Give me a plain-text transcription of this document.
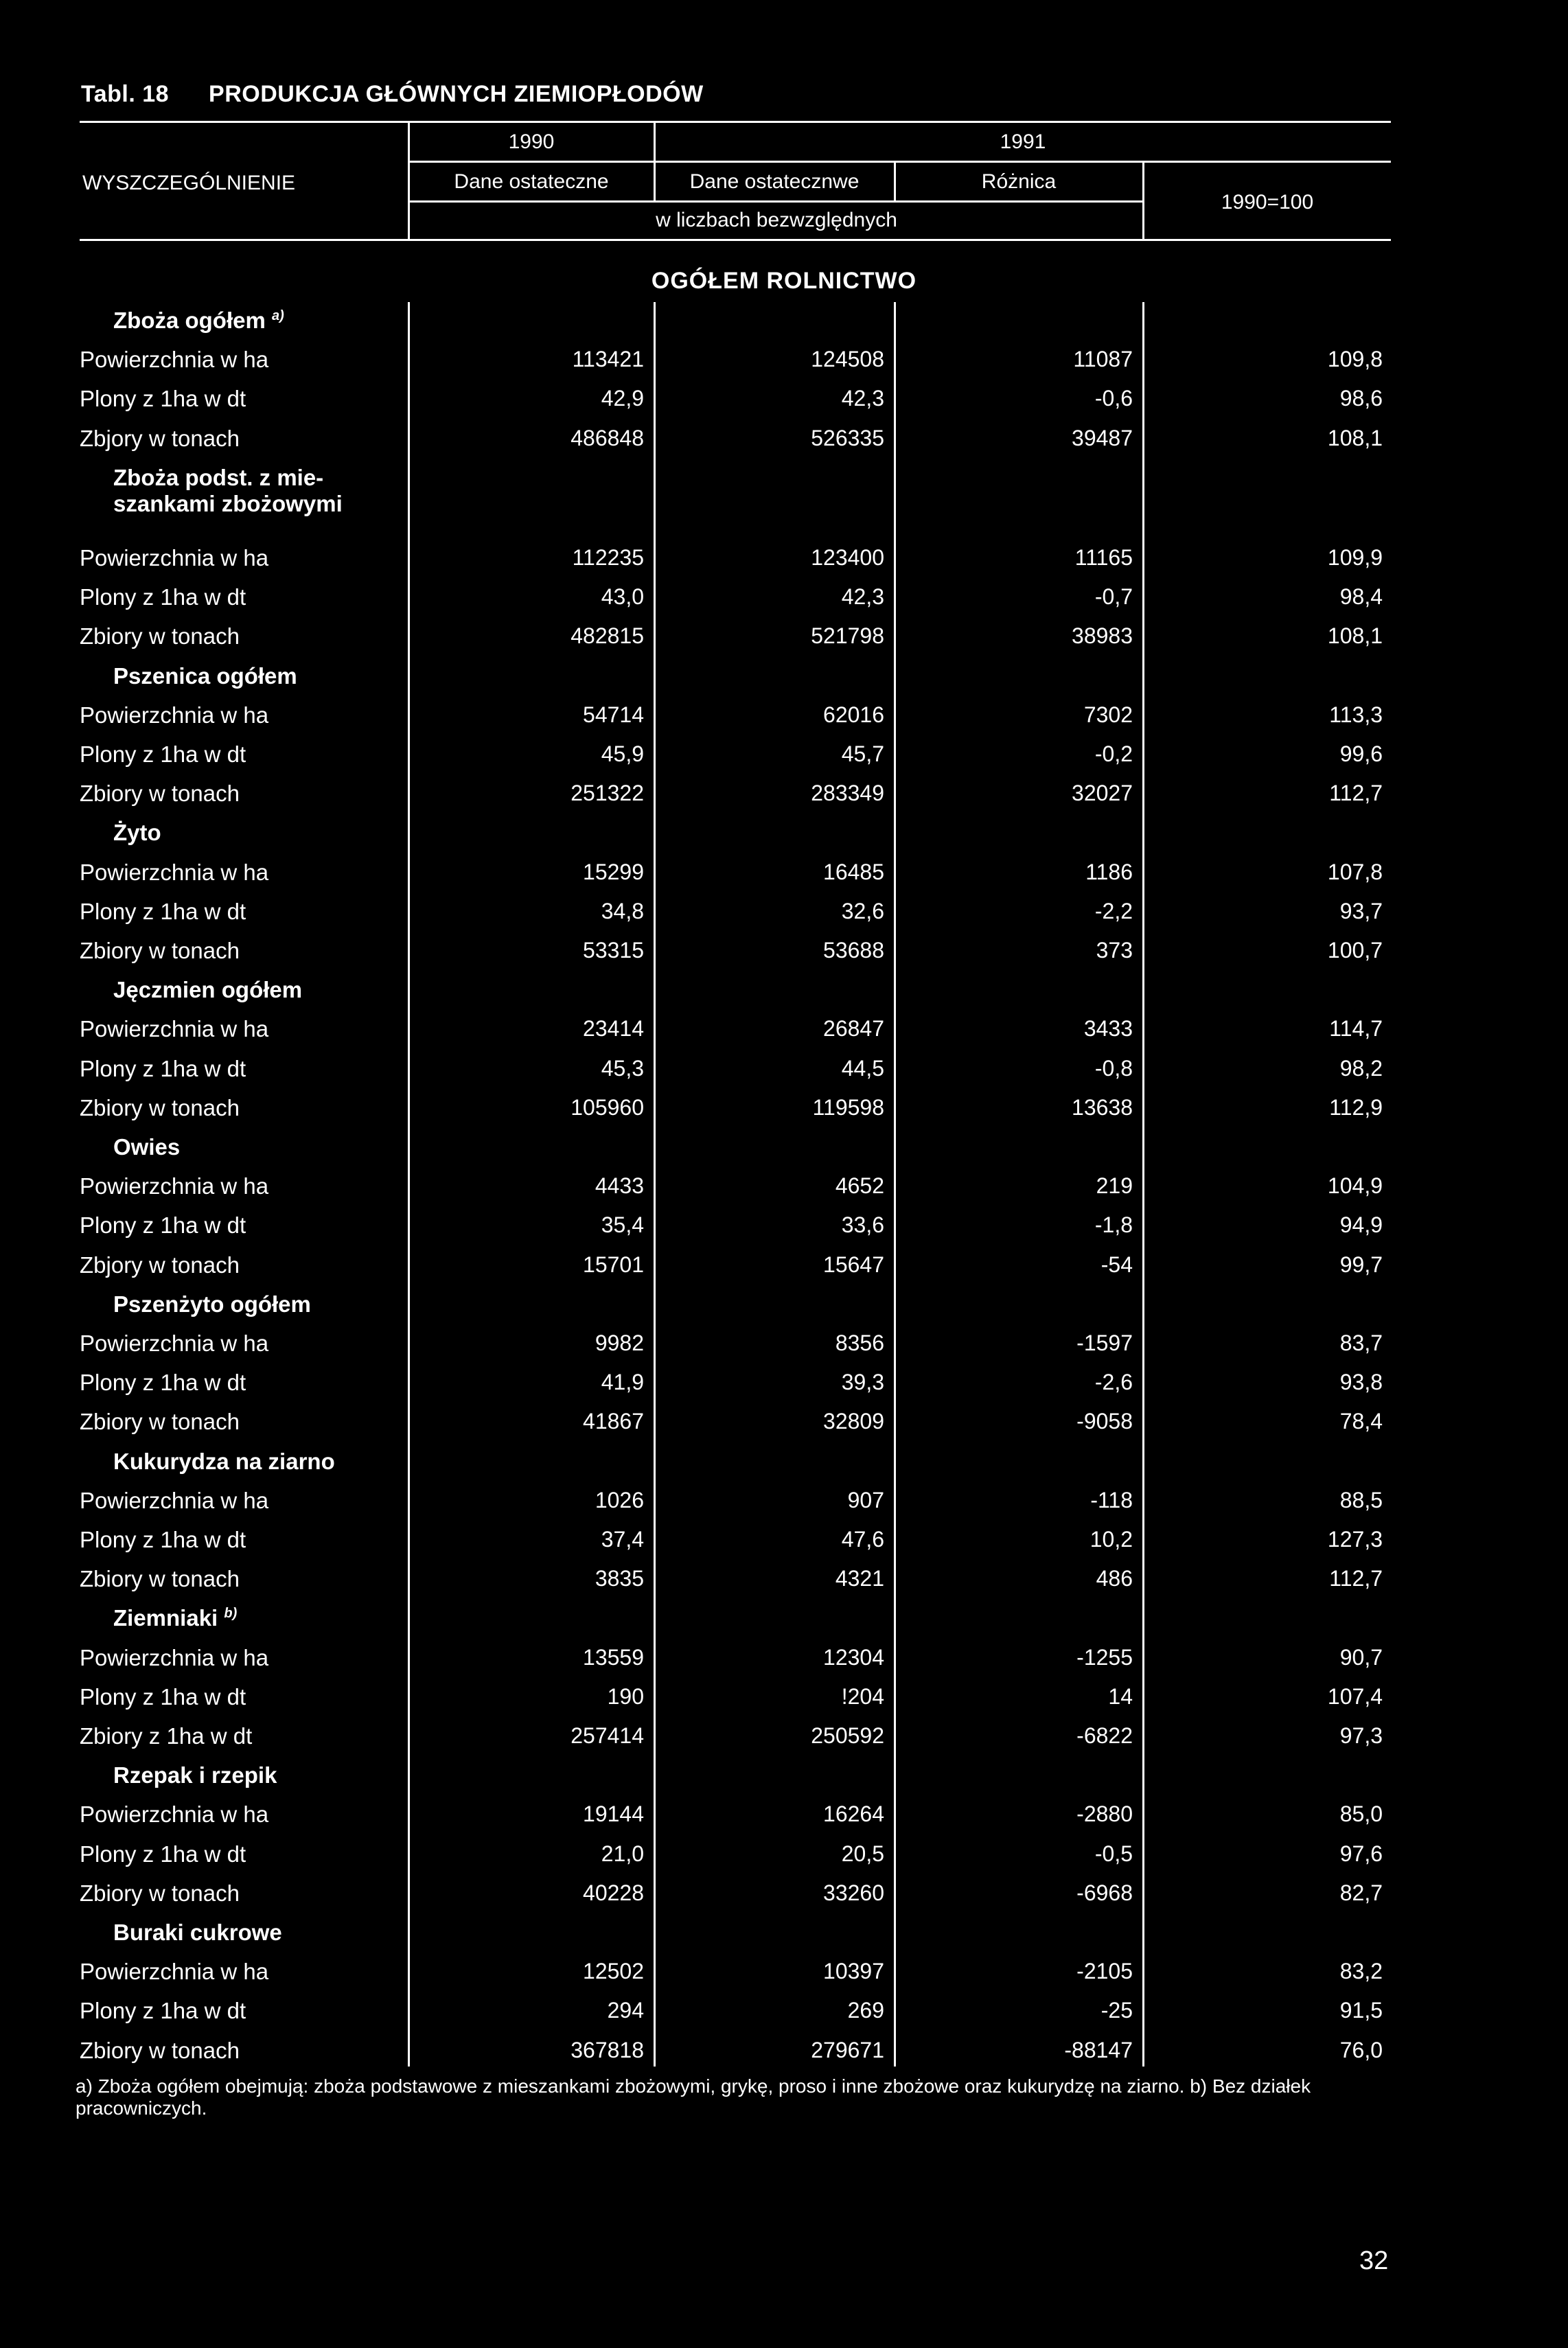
Tabl. 18 PRODUKCJA GŁÓWNYCH ZIEMIOPŁODÓW
WYSZCZEGÓLNIENIE
1990	1991
Dane ostateczne	Dane ostatecznwe	Różnica
1990=100
w liczbach bezwzględnych
OGÓŁEM ROLNICTWO
Zboża ogółem $^{a)}$
Powierzchnia w ha	113421	124508	11087	109,8
Plony z 1ha w dt	42,9	42,3	-0,6	98,6
Zbjory w tonach	486848	526335	39487	108,1
Zboża podst. z mie-
szankami zbożowymi
Powierzchnia w ha	112235	123400	11165	109,9
Plony z 1ha w dt	43,0	42,3	-0,7	98,4
Zbiory w tonach	482815	521798	38983	108,1
Pszenica ogółem
Powierzchnia w ha	54714	62016	7302	113,3
Plony z 1ha w dt	45,9	45,7	-0,2	99,6
Zbiory w tonach	251322	283349	32027	112,7
Żyto
Powierzchnia w ha	15299	16485	1186	107,8
Plony z 1ha w dt	34,8	32,6	-2,2	93,7
Zbiory w tonach	53315	53688	373	100,7
Jęczmien ogółem
Powierzchnia w ha	23414	26847	3433	114,7
Plony z 1ha w dt	45,3	44,5	-0,8	98,2
Zbiory w tonach	105960	119598	13638	112,9
Owies
Powierzchnia w ha	4433	4652	219	104,9
Plony z 1ha w dt	35,4	33,6	-1,8	94,9
Zbjory w tonach	15701	15647	-54	99,7
Pszenżyto ogółem
Powierzchnia w ha	9982	8356	-1597	83,7
Plony z 1ha w dt	41,9	39,3	-2,6	93,8
Zbiory w tonach	41867	32809	-9058	78,4
Kukurydza na ziarno
Powierzchnia w ha	1026	907	-118	88,5
Plony z 1ha w dt	37,4	47,6	10,2	127,3
Zbiory w tonach	3835	4321	486	112,7
Ziemniaki $^{b)}$
Powierzchnia w ha	13559	12304	-1255	90,7
Plony z 1ha w dt	190	!204	14	107,4
Zbiory z 1ha w dt	257414	250592	-6822	97,3
Rzepak i rzepik
Powierzchnia w ha	19144	16264	-2880	85,0
Plony z 1ha w dt	21,0	20,5	-0,5	97,6
Zbiory w tonach	40228	33260	-6968	82,7
Buraki cukrowe
Powierzchnia w ha	12502	10397	-2105	83,2
Plony z 1ha w dt	294	269	-25	91,5
Zbiory w tonach	367818	279671	-88147	76,0
a) Zboża ogółem obejmują: zboża podstawowe z mieszankami zbożowymi, grykę, proso i inne zbożowe oraz kukurydzę na ziarno. b) Bez działek pracowniczych.
32
